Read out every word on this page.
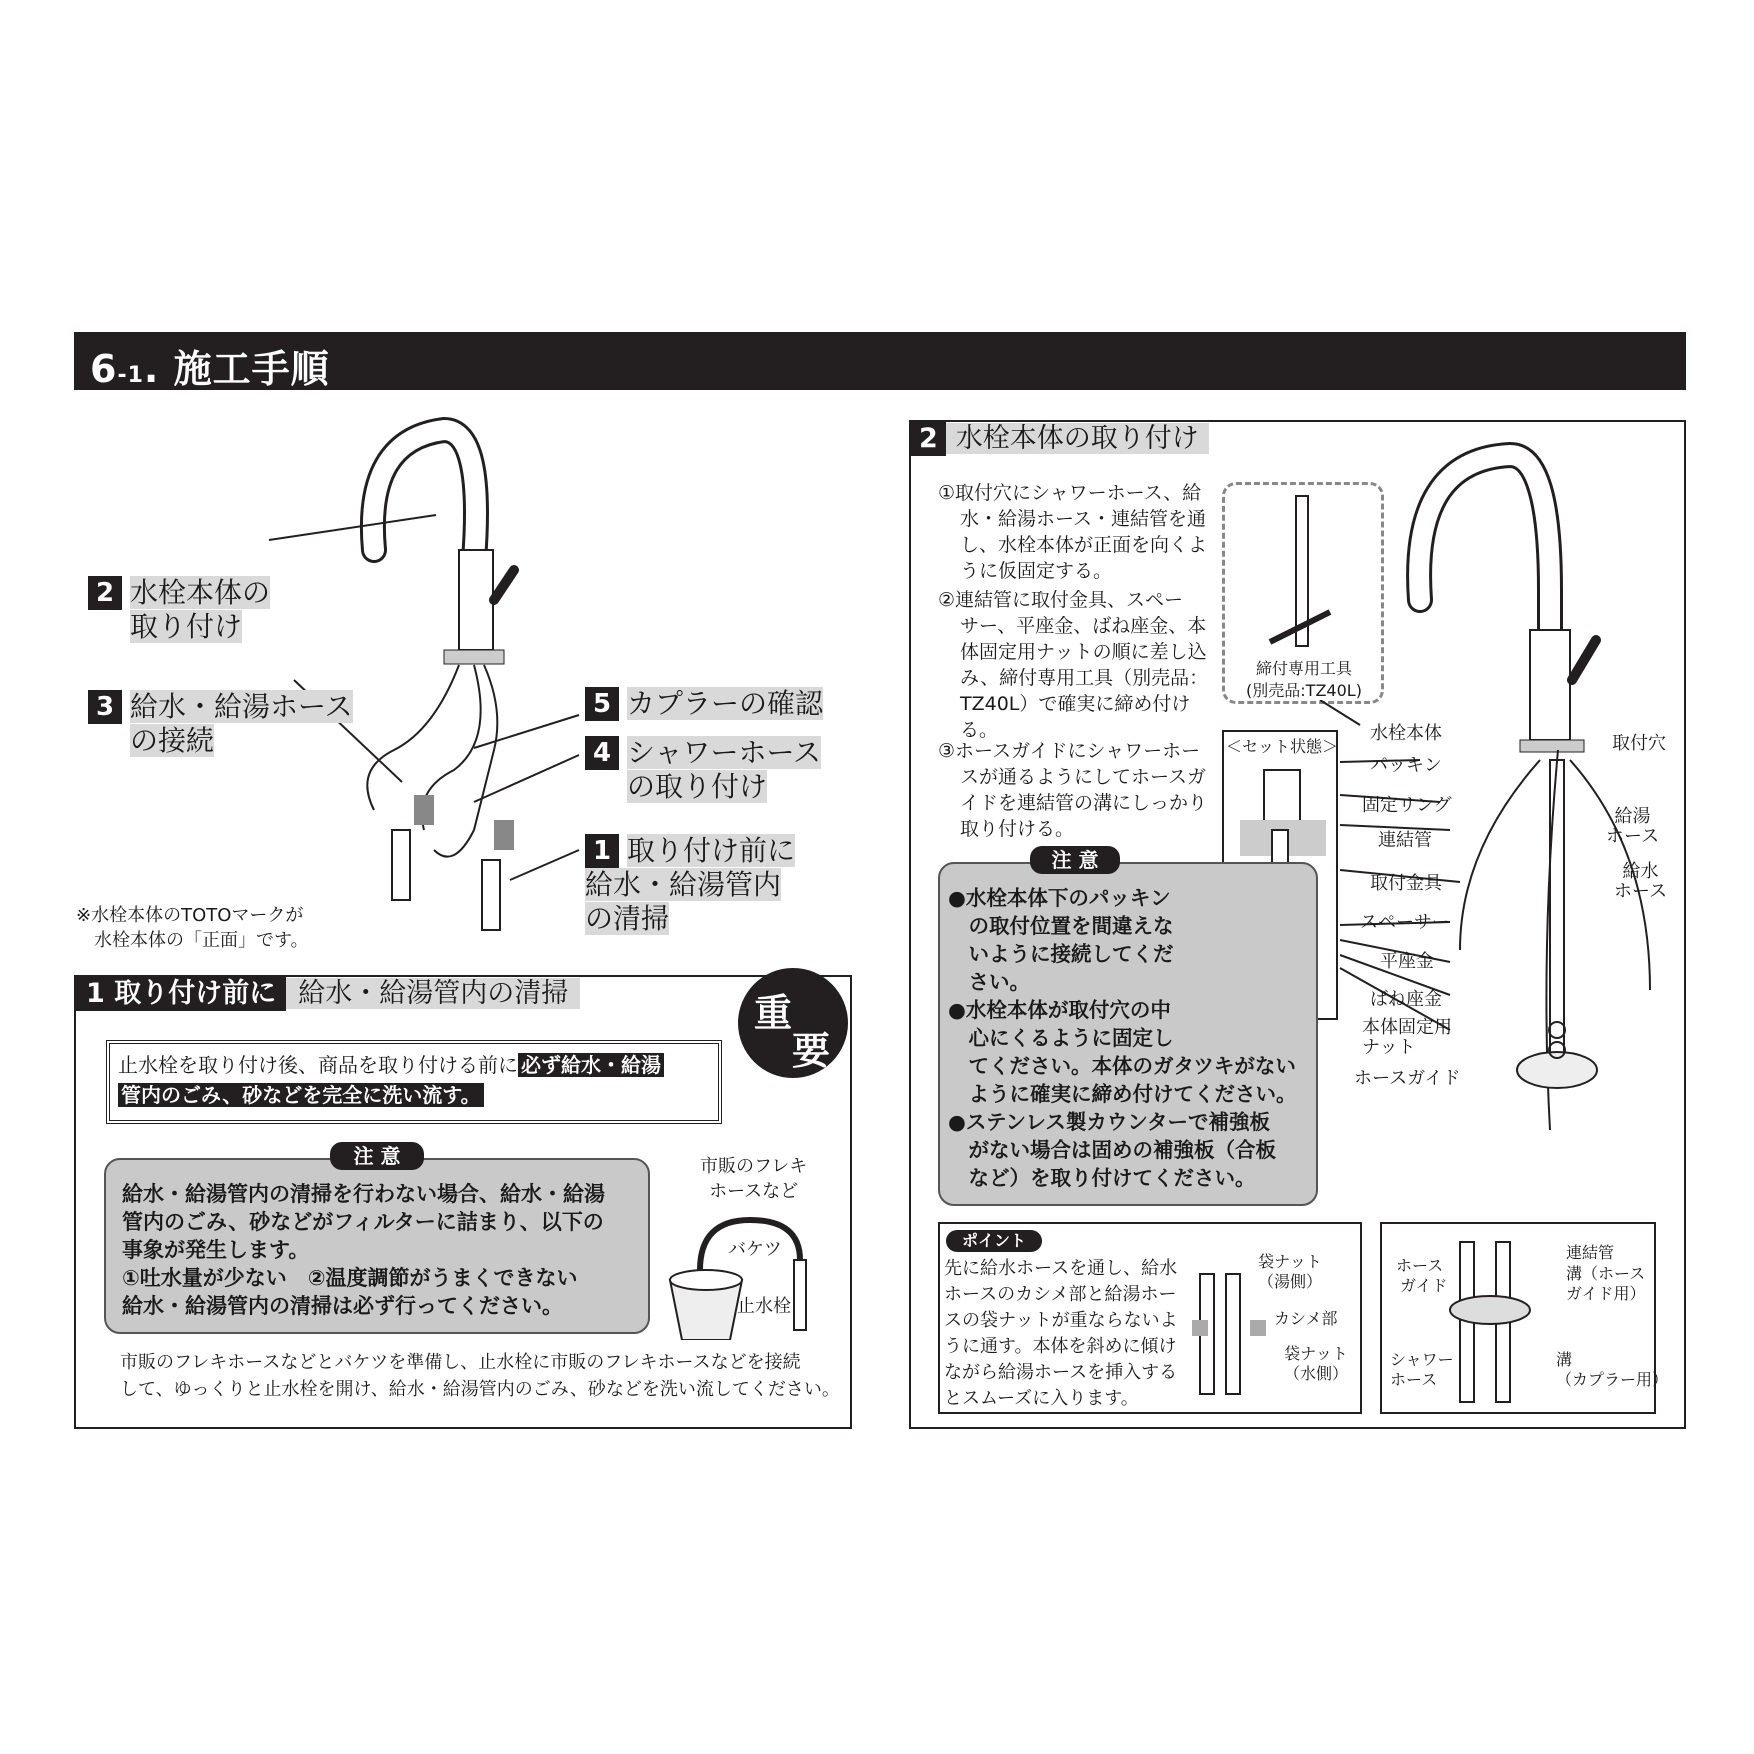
6-1. 施工手順
2 水栓本体の
取り付け
3 給水・給湯ホース
の接続
5 カプラーの確認
4 シャワーホース
の取り付け
1 取り付け前に
給水・給湯管内
の清掃
※水栓本体のTOTOマークが
水栓本体の「正面」です。
1 取り付け前に 給水・給湯管内の清掃	重
要
止水栓を取り付け後、商品を取り付ける前に 必ず給水・給湯
管内のごみ、砂などを完全に洗い流す。
注 意
給水・給湯管内の清掃を行わない場合、給水・給湯
管内のごみ、砂などがフィルターに詰まり、以下の
事象が発生します。
①吐水量が少ない　②温度調節がうまくできない
給水・給湯管内の清掃は必ず行ってください。
市販のフレキ
ホースなど
バケツ
止水栓
市販のフレキホースなどとバケツを準備し、止水栓に市販のフレキホースなどを接続
して、ゆっくりと止水栓を開け、給水・給湯管内のごみ、砂などを洗い流してください。
2 水栓本体の取り付け
①取付穴にシャワーホース、給
水・給湯ホース・連結管を通
し、水栓本体が正面を向くよ
うに仮固定する。
②連結管に取付金具、スペー
サー、平座金、ばね座金、本
体固定用ナットの順に差し込
み、締付専用工具（別売品：
TZ40L）で確実に締め付け
る。
③ホースガイドにシャワーホー
スが通るようにしてホースガ
イドを連結管の溝にしっかり
取り付ける。
締付専用工具
(別売品:TZ40L)
＜セット状態＞
水栓本体
パッキン
固定リング
連結管
取付金具
スペーサー
平座金
ばね座金
本体固定用
ナット
ホースガイド
取付穴
給湯
ホース
給水
ホース
注 意
●水栓本体下のパッキン
　の取付位置を間違えな
　いように接続してくだ
　さい。
●水栓本体が取付穴の中
　心にくるように固定し
　てください。本体のガタツキがない
　ように確実に締め付けてください。
●ステンレス製カウンターで補強板
　がない場合は固めの補強板（合板
　など）を取り付けてください。
ポイント
先に給水ホースを通し、給水
ホースのカシメ部と給湯ホー
スの袋ナットが重ならないよ
うに通す。本体を斜めに傾け
ながら給湯ホースを挿入する
とスムーズに入ります。
袋ナット
（湯側）
カシメ部
袋ナット
（水側）
ホース
ガイド
シャワー
ホース
連結管
溝（ホース
ガイド用）
溝
（カプラー用）
